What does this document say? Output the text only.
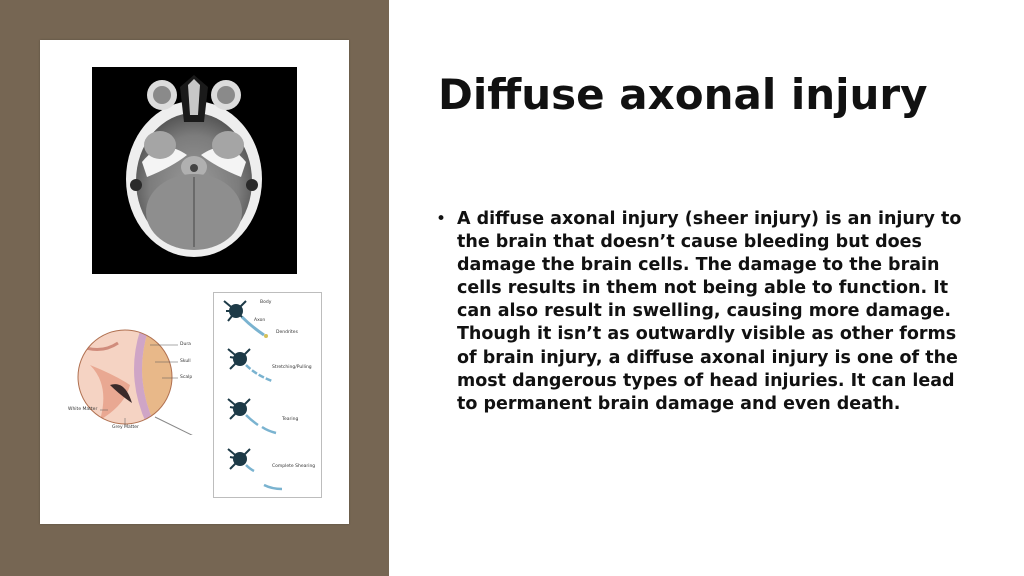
Dura
Skull
Scalp
White Matter
Grey Matter
Body
Axon
Dendrites
Stretching/Pulling
Tearing
Complete Shearing
Diffuse axonal injury
• A diffuse axonal injury (sheer injury) is an injury to the brain that doesn’t cause bleeding but does damage the brain cells. The damage to the brain cells results in them not being able to function. It can also result in swelling, causing more damage. Though it isn’t as outwardly visible as other forms of brain injury, a diffuse axonal injury is one of the most dangerous types of head injuries. It can lead to permanent brain damage and even death.
